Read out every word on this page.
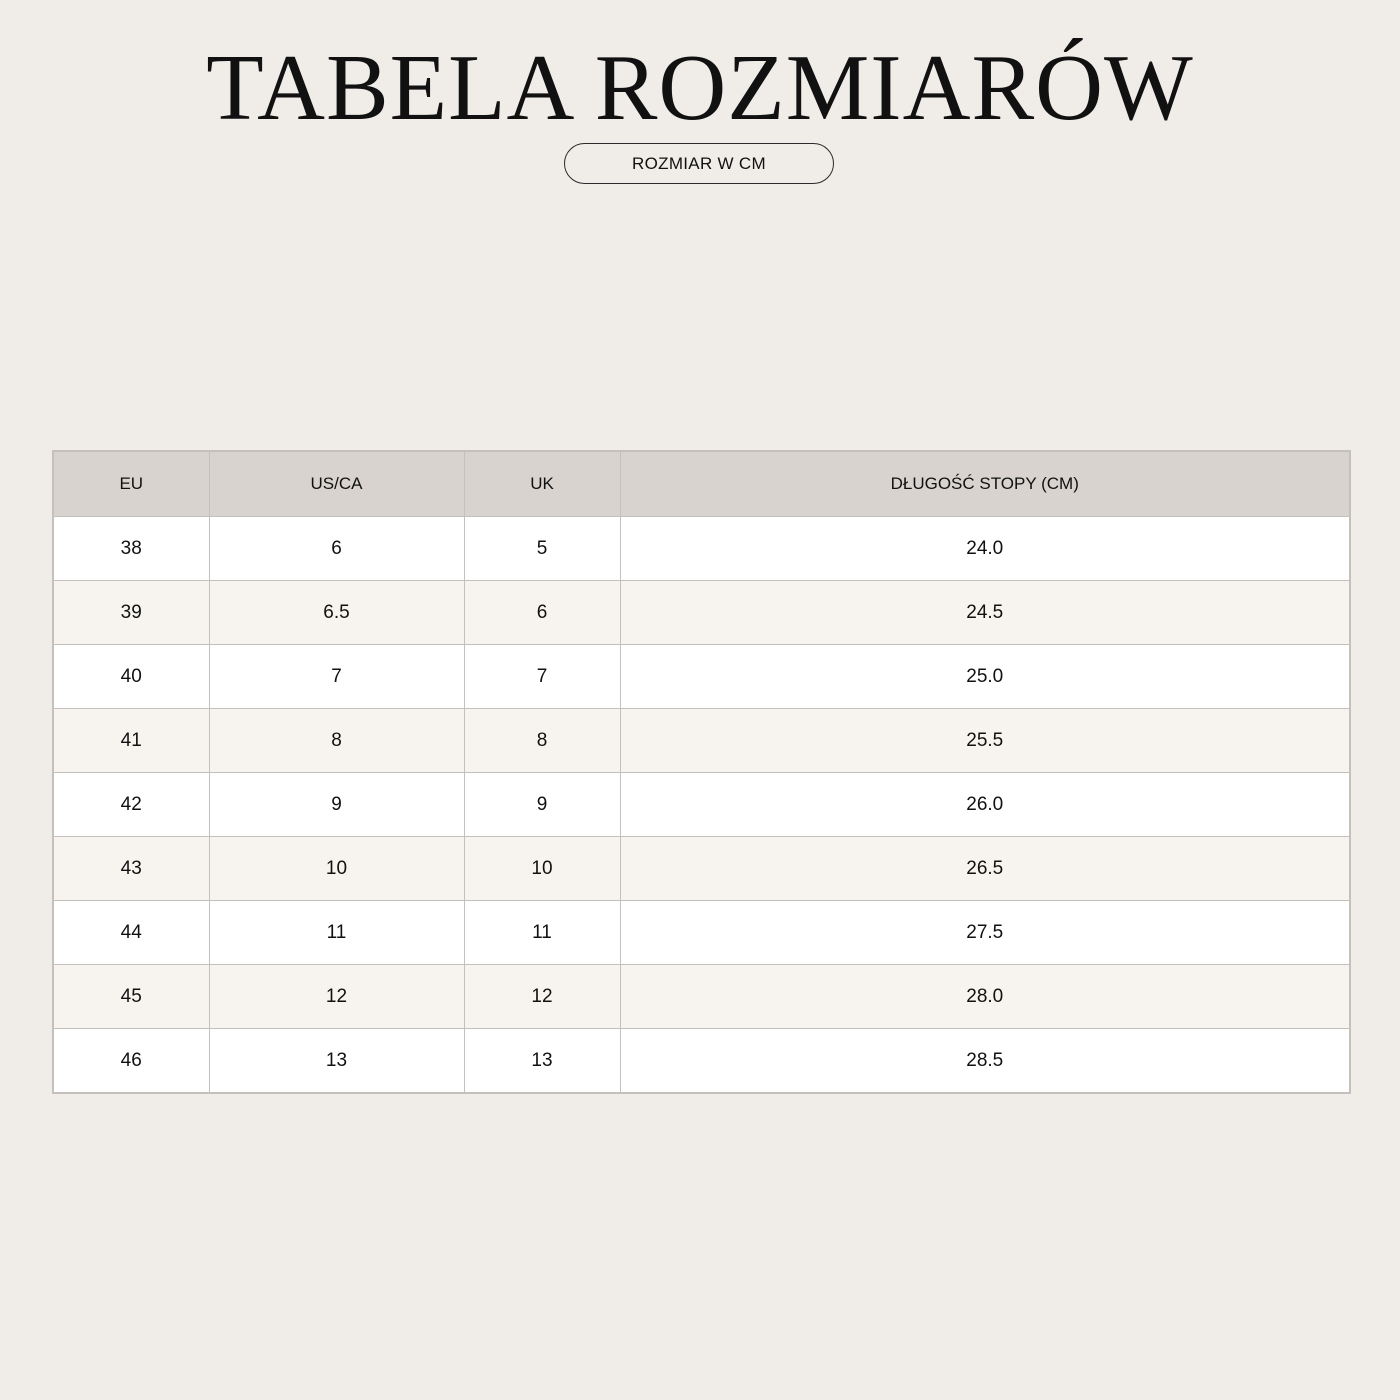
TABELA ROZMIARÓW
ROZMIAR W CM
EU	US/CA	UK	DŁUGOŚĆ STOPY (CM)
38	6	5	24.0
39	6.5	6	24.5
40	7	7	25.0
41	8	8	25.5
42	9	9	26.0
43	10	10	26.5
44	11	11	27.5
45	12	12	28.0
46	13	13	28.5
